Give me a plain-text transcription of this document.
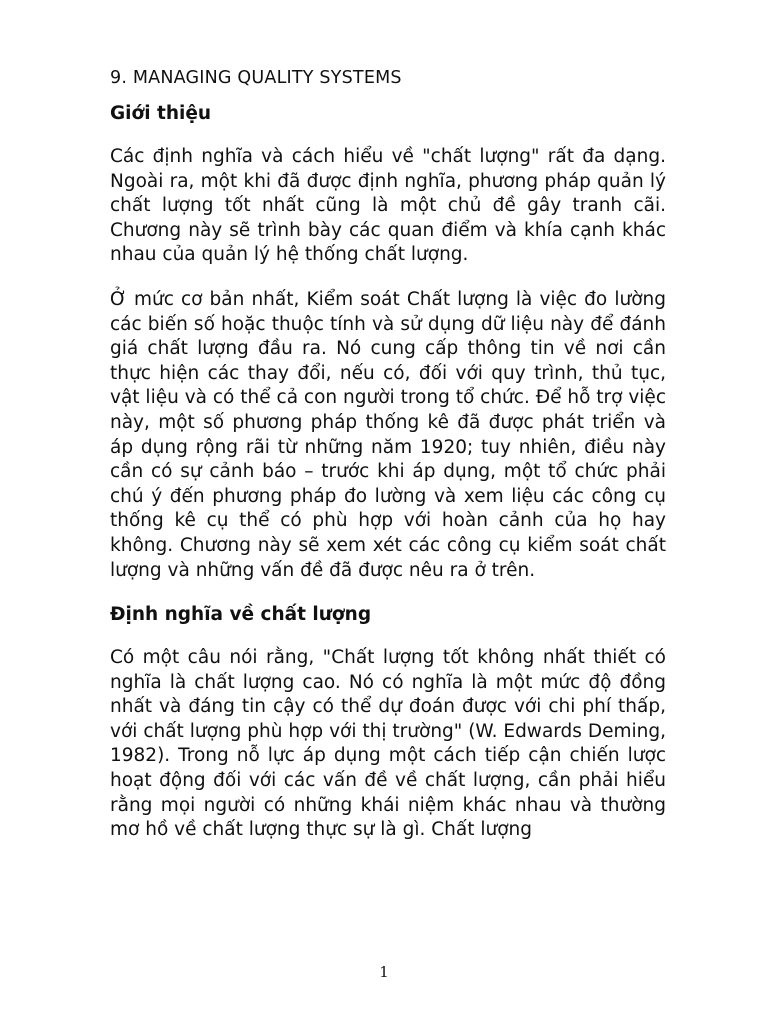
9. MANAGING QUALITY SYSTEMS
Giới thiệu

Các định nghĩa và cách hiểu về "chất lượng" rất đa dạng. Ngoài ra, một khi đã được định nghĩa, phương pháp quản lý chất lượng tốt nhất cũng là một chủ đề gây tranh cãi. Chương này sẽ trình bày các quan điểm và khía cạnh khác nhau của quản lý hệ thống chất lượng.

Ở mức cơ bản nhất, Kiểm soát Chất lượng là việc đo lường các biến số hoặc thuộc tính và sử dụng dữ liệu này để đánh giá chất lượng đầu ra. Nó cung cấp thông tin về nơi cần thực hiện các thay đổi, nếu có, đối với quy trình, thủ tục, vật liệu và có thể cả con người trong tổ chức. Để hỗ trợ việc này, một số phương pháp thống kê đã được phát triển và áp dụng rộng rãi từ những năm 1920; tuy nhiên, điều này cần có sự cảnh báo – trước khi áp dụng, một tổ chức phải chú ý đến phương pháp đo lường và xem liệu các công cụ thống kê cụ thể có phù hợp với hoàn cảnh của họ hay không. Chương này sẽ xem xét các công cụ kiểm soát chất lượng và những vấn đề đã được nêu ra ở trên.

Định nghĩa về chất lượng

Có một câu nói rằng, "Chất lượng tốt không nhất thiết có nghĩa là chất lượng cao. Nó có nghĩa là một mức độ đồng nhất và đáng tin cậy có thể dự đoán được với chi phí thấp, với chất lượng phù hợp với thị trường" (W. Edwards Deming, 1982). Trong nỗ lực áp dụng một cách tiếp cận chiến lược hoạt động đối với các vấn đề về chất lượng, cần phải hiểu rằng mọi người có những khái niệm khác nhau và thường mơ hồ về chất lượng thực sự là gì. Chất lượng

1
